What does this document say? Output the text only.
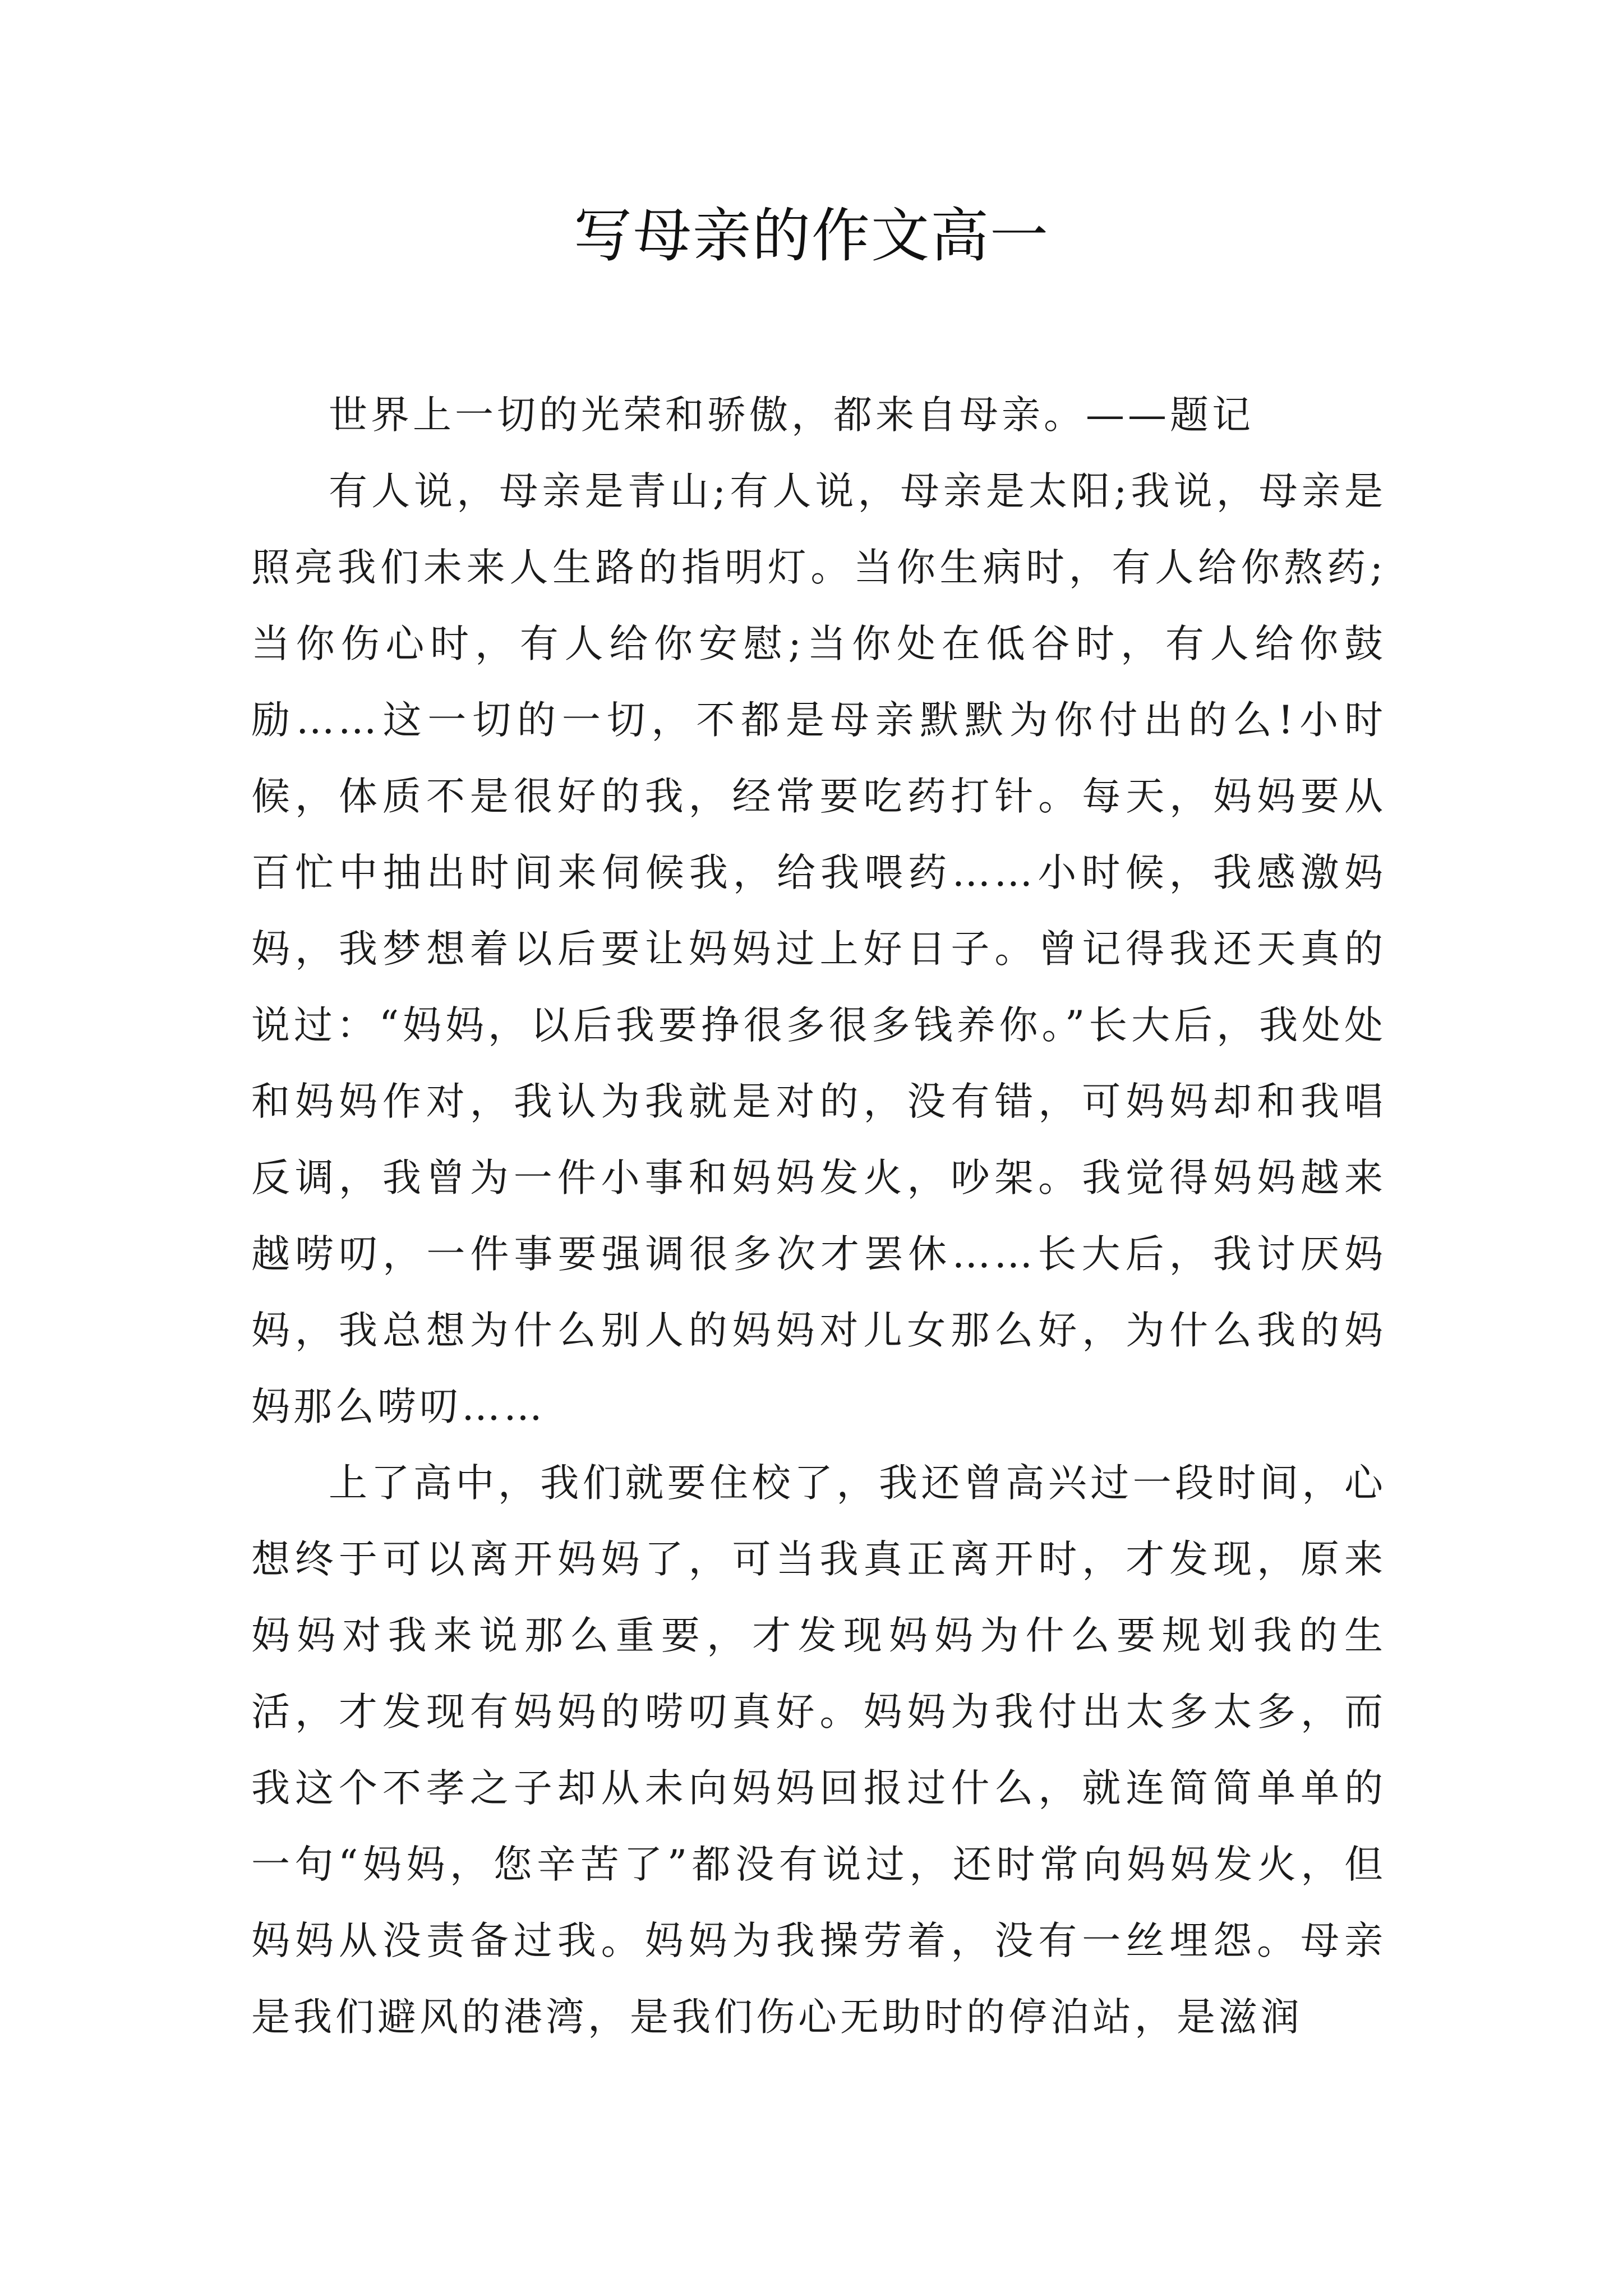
写母亲的作文高一

世界上一切的光荣和骄傲，都来自母亲。——题记

有人说，母亲是青山;有人说，母亲是太阳;我说，母亲是照亮我们未来人生路的指明灯。当你生病时，有人给你熬药;当你伤心时，有人给你安慰;当你处在低谷时，有人给你鼓励……这一切的一切，不都是母亲默默为你付出的么!小时候，体质不是很好的我，经常要吃药打针。每天，妈妈要从百忙中抽出时间来伺候我，给我喂药……小时候，我感激妈妈，我梦想着以后要让妈妈过上好日子。曾记得我还天真的说过：“妈妈，以后我要挣很多很多钱养你。”长大后，我处处和妈妈作对，我认为我就是对的，没有错，可妈妈却和我唱反调，我曾为一件小事和妈妈发火，吵架。我觉得妈妈越来越唠叨，一件事要强调很多次才罢休……长大后，我讨厌妈妈，我总想为什么别人的妈妈对儿女那么好，为什么我的妈妈那么唠叨……

上了高中，我们就要住校了，我还曾高兴过一段时间，心想终于可以离开妈妈了，可当我真正离开时，才发现，原来妈妈对我来说那么重要，才发现妈妈为什么要规划我的生活，才发现有妈妈的唠叨真好。妈妈为我付出太多太多，而我这个不孝之子却从未向妈妈回报过什么，就连简简单单的一句“妈妈，您辛苦了”都没有说过，还时常向妈妈发火，但妈妈从没责备过我。妈妈为我操劳着，没有一丝埋怨。母亲是我们避风的港湾，是我们伤心无助时的停泊站，是滋润
